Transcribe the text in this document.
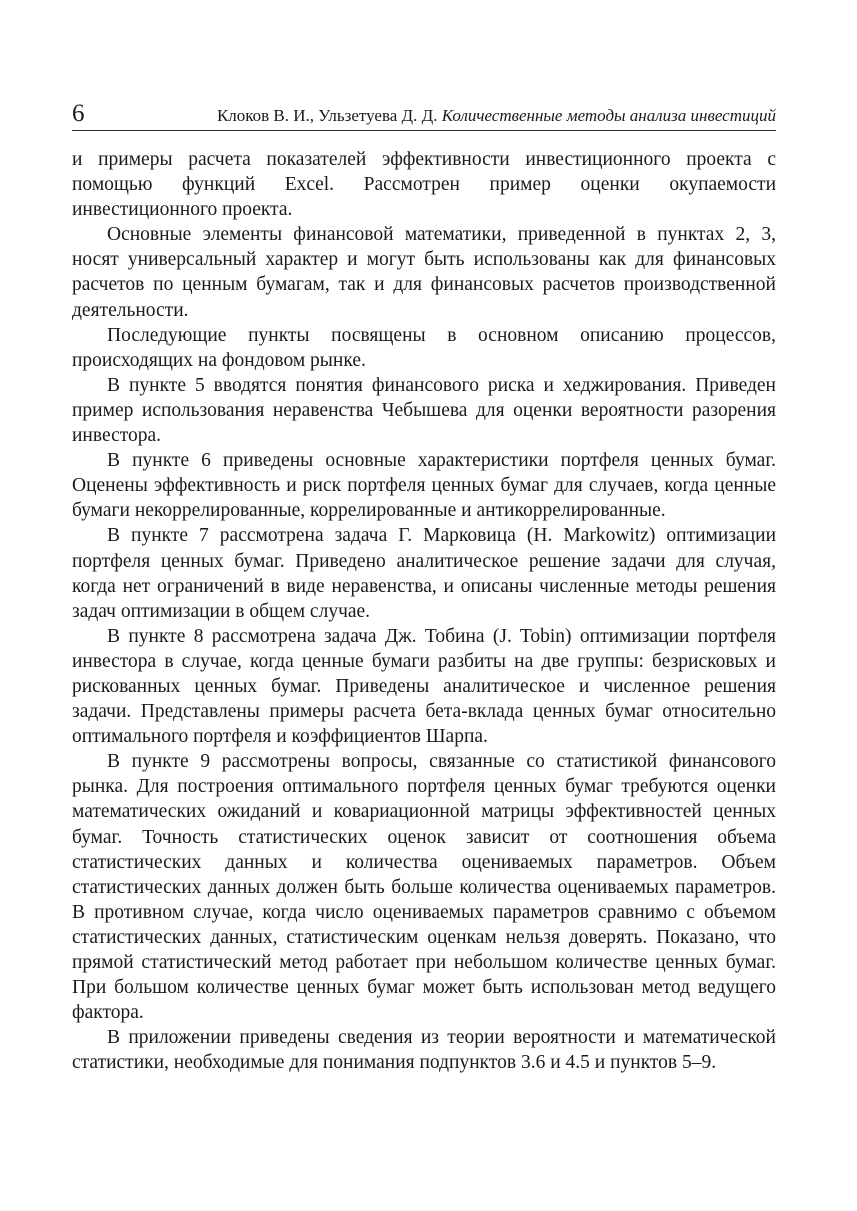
6	Клоков В. И., Ульзетуева Д. Д. Количественные методы анализа инвестиций

и примеры расчета показателей эффективности инвестиционного проекта с помощью функций Excel. Рассмотрен пример оценки окупаемости инвестиционного проекта.

Основные элементы финансовой математики, приведенной в пунктах 2, 3, носят универсальный характер и могут быть использованы как для финансовых расчетов по ценным бумагам, так и для финансовых расчетов производственной деятельности.

Последующие пункты посвящены в основном описанию процессов, происходящих на фондовом рынке.

В пункте 5 вводятся понятия финансового риска и хеджирования. Приведен пример использования неравенства Чебышева для оценки вероятности разорения инвестора.

В пункте 6 приведены основные характеристики портфеля ценных бумаг. Оценены эффективность и риск портфеля ценных бумаг для случаев, когда ценные бумаги некоррелированные, коррелированные и антикоррелированные.

В пункте 7 рассмотрена задача Г. Марковица (H. Markowitz) оптимизации портфеля ценных бумаг. Приведено аналитическое решение задачи для случая, когда нет ограничений в виде неравенства, и описаны численные методы решения задач оптимизации в общем случае.

В пункте 8 рассмотрена задача Дж. Тобина (J. Tobin) оптимизации портфеля инвестора в случае, когда ценные бумаги разбиты на две группы: безрисковых и рискованных ценных бумаг. Приведены аналитическое и численное решения задачи. Представлены примеры расчета бета-вклада ценных бумаг относительно оптимального портфеля и коэффициентов Шарпа.

В пункте 9 рассмотрены вопросы, связанные со статистикой финансового рынка. Для построения оптимального портфеля ценных бумаг требуются оценки математических ожиданий и ковариационной матрицы эффективностей ценных бумаг. Точность статистических оценок зависит от соотношения объема статистических данных и количества оцениваемых параметров. Объем статистических данных должен быть больше количества оцениваемых параметров. В противном случае, когда число оцениваемых параметров сравнимо с объемом статистических данных, статистическим оценкам нельзя доверять. Показано, что прямой статистический метод работает при небольшом количестве ценных бумаг. При большом количестве ценных бумаг может быть использован метод ведущего фактора.

В приложении приведены сведения из теории вероятности и математической статистики, необходимые для понимания подпунктов 3.6 и 4.5 и пунктов 5–9.
